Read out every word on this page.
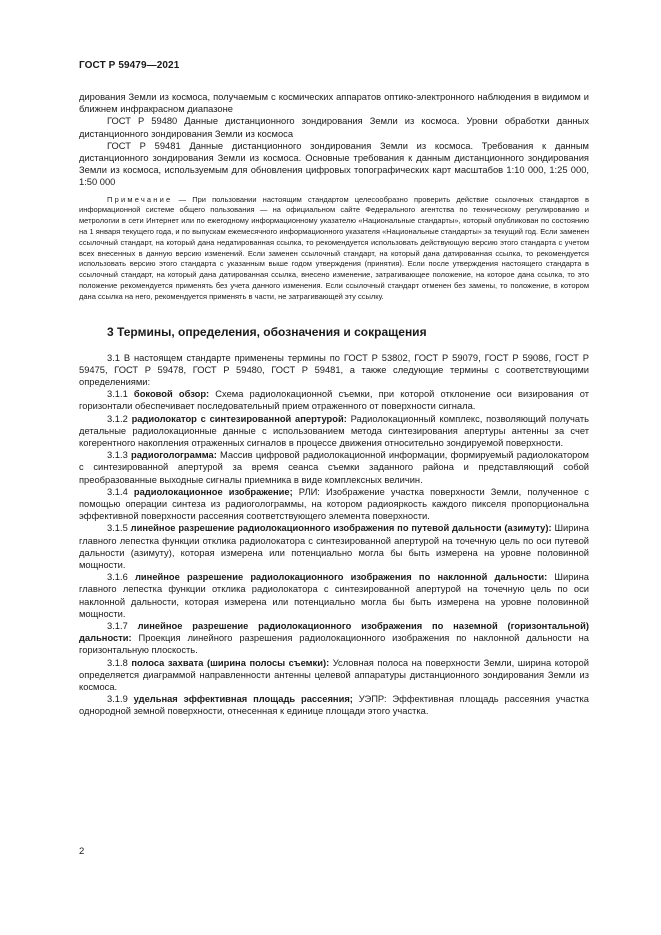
ГОСТ Р 59479—2021

дирования Земли из космоса, получаемым с космических аппаратов оптико-электронного наблюдения в видимом и ближнем инфракрасном диапазоне

ГОСТ Р 59480 Данные дистанционного зондирования Земли из космоса. Уровни обработки данных дистанционного зондирования Земли из космоса

ГОСТ Р 59481 Данные дистанционного зондирования Земли из космоса. Требования к данным дистанционного зондирования Земли из космоса. Основные требования к данным дистанционного зондирования Земли из космоса, используемым для обновления цифровых топографических карт масштабов 1:10 000, 1:25 000, 1:50 000

Примечание — При пользовании настоящим стандартом целесообразно проверить действие ссылочных стандартов в информационной системе общего пользования — на официальном сайте Федерального агентства по техническому регулированию и метрологии в сети Интернет или по ежегодному информационному указателю «Национальные стандарты», который опубликован по состоянию на 1 января текущего года, и по выпускам ежемесячного информационного указателя «Национальные стандарты» за текущий год. Если заменен ссылочный стандарт, на который дана недатированная ссылка, то рекомендуется использовать действующую версию этого стандарта с учетом всех внесенных в данную версию изменений. Если заменен ссылочный стандарт, на который дана датированная ссылка, то рекомендуется использовать версию этого стандарта с указанным выше годом утверждения (принятия). Если после утверждения настоящего стандарта в ссылочный стандарт, на который дана датированная ссылка, внесено изменение, затрагивающее положение, на которое дана ссылка, то это положение рекомендуется применять без учета данного изменения. Если ссылочный стандарт отменен без замены, то положение, в котором дана ссылка на него, рекомендуется применять в части, не затрагивающей эту ссылку.

3 Термины, определения, обозначения и сокращения

3.1 В настоящем стандарте применены термины по ГОСТ Р 53802, ГОСТ Р 59079, ГОСТ Р 59086, ГОСТ Р 59475, ГОСТ Р 59478, ГОСТ Р 59480, ГОСТ Р 59481, а также следующие термины с соответствующими определениями:

3.1.1 боковой обзор: Схема радиолокационной съемки, при которой отклонение оси визирования от горизонтали обеспечивает последовательный прием отраженного от поверхности сигнала.

3.1.2 радиолокатор с синтезированной апертурой: Радиолокационный комплекс, позволяющий получать детальные радиолокационные данные с использованием метода синтезирования апертуры антенны за счет когерентного накопления отраженных сигналов в процессе движения относительно зондируемой поверхности.

3.1.3 радиоголограмма: Массив цифровой радиолокационной информации, формируемый радиолокатором с синтезированной апертурой за время сеанса съемки заданного района и представляющий собой преобразованные выходные сигналы приемника в виде комплексных величин.

3.1.4 радиолокационное изображение; РЛИ: Изображение участка поверхности Земли, полученное с помощью операции синтеза из радиоголограммы, на котором радиояркость каждого пикселя пропорциональна эффективной поверхности рассеяния соответствующего элемента поверхности.

3.1.5 линейное разрешение радиолокационного изображения по путевой дальности (азимуту): Ширина главного лепестка функции отклика радиолокатора с синтезированной апертурой на точечную цель по оси путевой дальности (азимуту), которая измерена или потенциально могла бы быть измерена на уровне половинной мощности.

3.1.6 линейное разрешение радиолокационного изображения по наклонной дальности: Ширина главного лепестка функции отклика радиолокатора с синтезированной апертурой на точечную цель по оси наклонной дальности, которая измерена или потенциально могла бы быть измерена на уровне половинной мощности.

3.1.7 линейное разрешение радиолокационного изображения по наземной (горизонтальной) дальности: Проекция линейного разрешения радиолокационного изображения по наклонной дальности на горизонтальную плоскость.

3.1.8 полоса захвата (ширина полосы съемки): Условная полоса на поверхности Земли, ширина которой определяется диаграммой направленности антенны целевой аппаратуры дистанционного зондирования Земли из космоса.

3.1.9 удельная эффективная площадь рассеяния; УЭПР: Эффективная площадь рассеяния участка однородной земной поверхности, отнесенная к единице площади этого участка.

2
